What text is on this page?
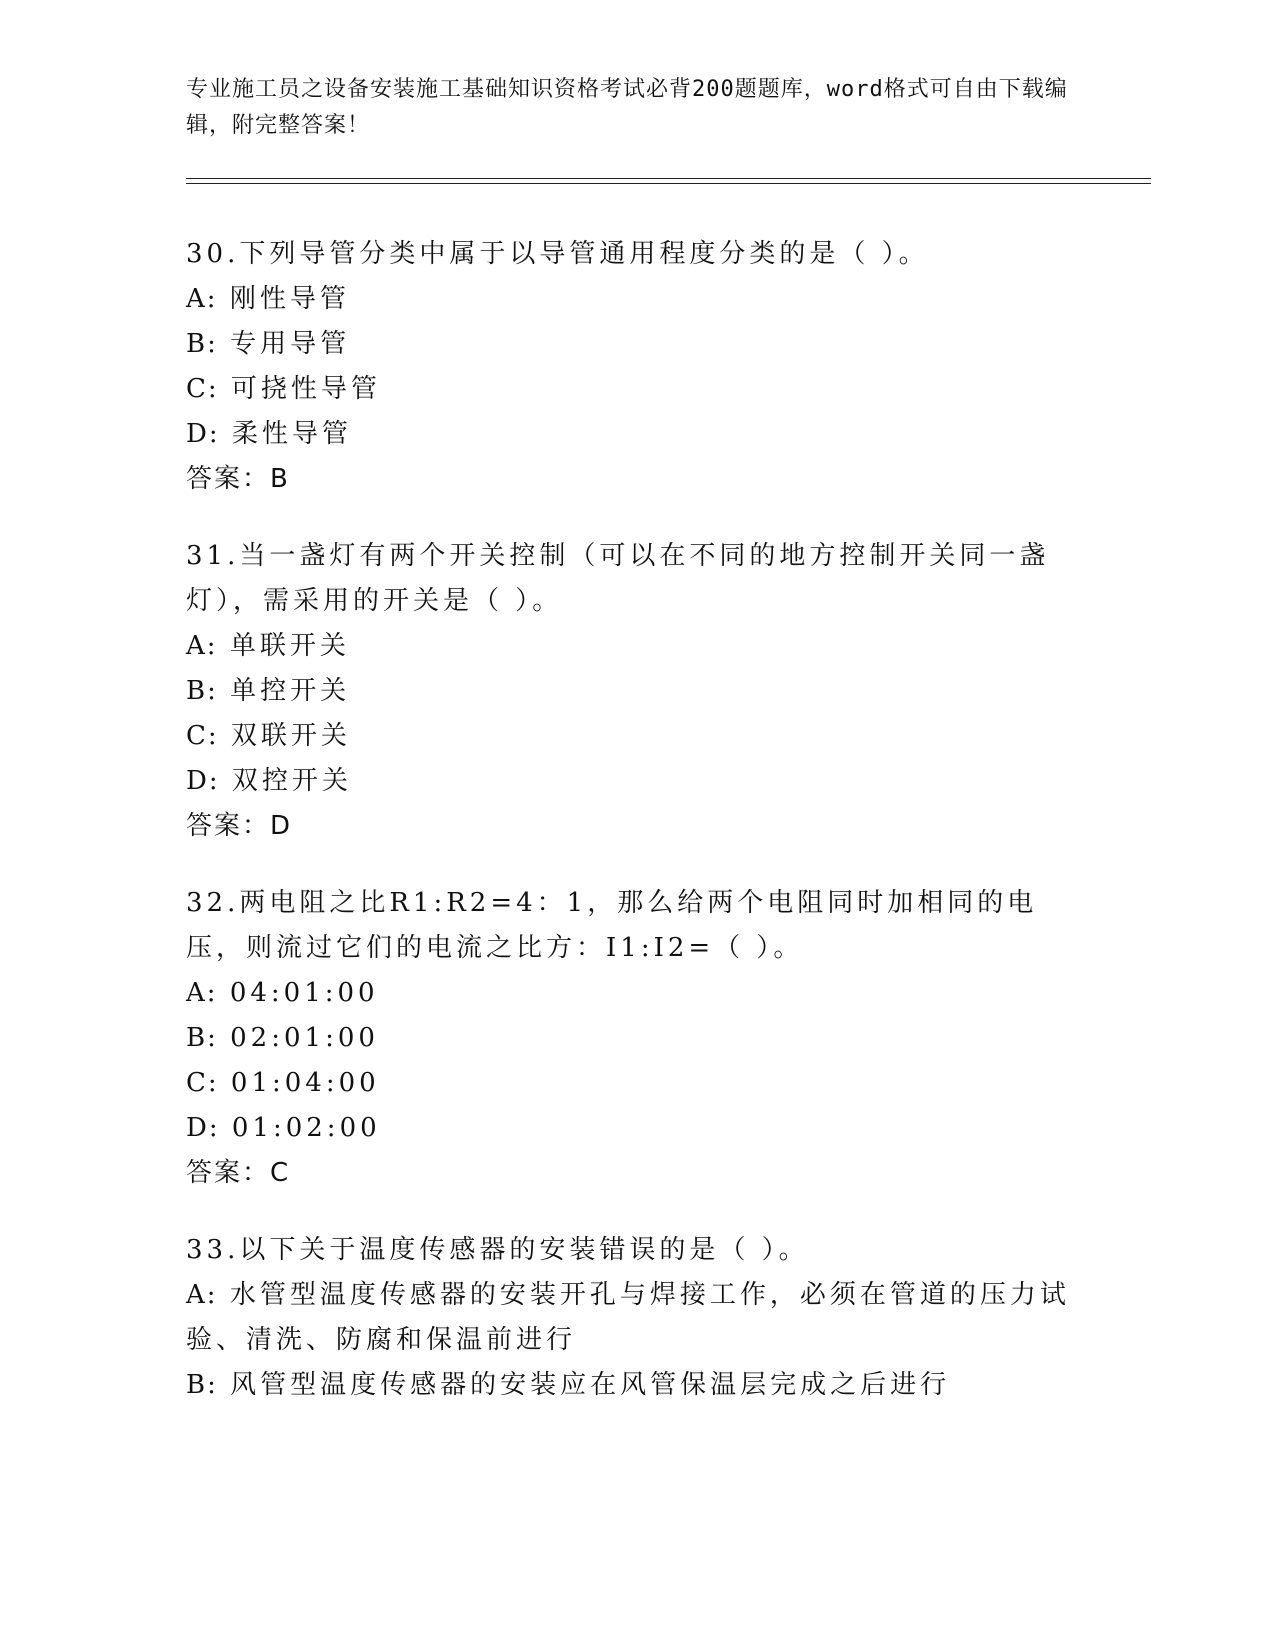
专业施工员之设备安装施工基础知识资格考试必背200题题库，word格式可自由下载编辑，附完整答案！
30.下列导管分类中属于以导管通用程度分类的是（ ）。
A: 刚性导管
B: 专用导管
C: 可挠性导管
D: 柔性导管
答案：B
31.当一盏灯有两个开关控制（可以在不同的地方控制开关同一盏灯），需采用的开关是（ ）。
A: 单联开关
B: 单控开关
C: 双联开关
D: 双控开关
答案：D
32.两电阻之比R1:R2=4：1，那么给两个电阻同时加相同的电压，则流过它们的电流之比方：I1:I2=（ ）。
A: 04:01:00
B: 02:01:00
C: 01:04:00
D: 01:02:00
答案：C
33.以下关于温度传感器的安装错误的是（ ）。
A: 水管型温度传感器的安装开孔与焊接工作，必须在管道的压力试验、清洗、防腐和保温前进行
B: 风管型温度传感器的安装应在风管保温层完成之后进行
